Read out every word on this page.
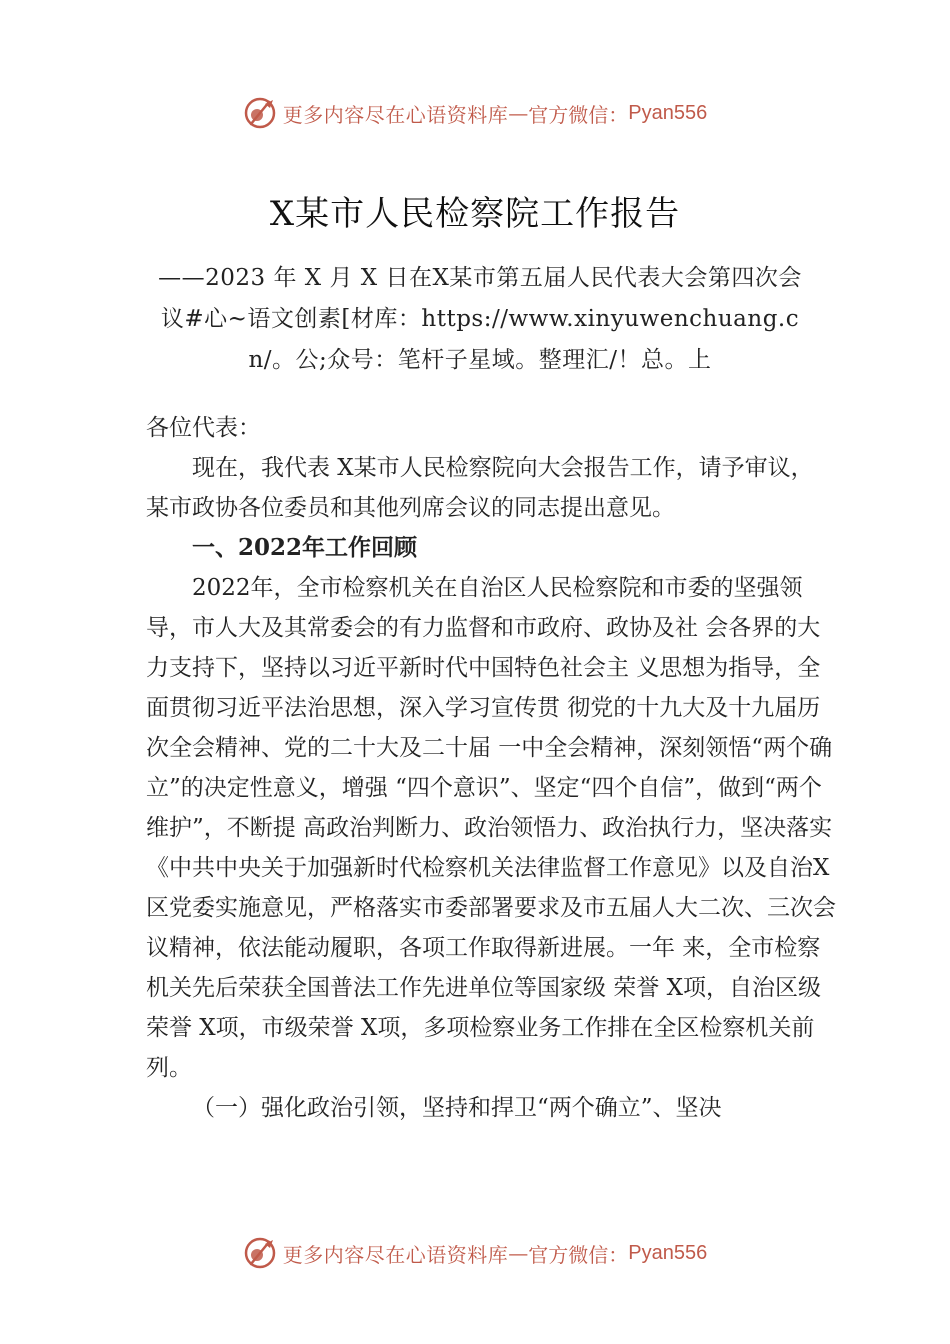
更多内容尽在心语资料库 — 官方微信： Pyan556
X某市人民检察院工作报告
——2023 年 X 月 X 日在X某市第五届人民代表大会第四次会议#心~语文创素[材库：https://www.xinyuwenchuang.cn/。公;众号：笔杆子星域。整理汇/！总。上

各位代表：

现在，我代表 X某市人民检察院向大会报告工作，请予审议，某市政协各位委员和其他列席会议的同志提出意见。

一、2022年工作回顾

2022年，全市检察机关在自治区人民检察院和市委的坚强领导，市人大及其常委会的有力监督和市政府、政协及社 会各界的大力支持下，坚持以习近平新时代中国特色社会主 义思想为指导，全面贯彻习近平法治思想，深入学习宣传贯 彻党的十九大及十九届历次全会精神、党的二十大及二十届 一中全会精神，深刻领悟“两个确立”的决定性意义，增强 “四个意识”、坚定“四个自信”，做到“两个维护”，不断提 高政治判断力、政治领悟力、政治执行力，坚决落实《中共中央关于加强新时代检察机关法律监督工作意见》以及自治X区党委实施意见，严格落实市委部署要求及市五届人大二次、三次会议精神，依法能动履职，各项工作取得新进展。一年 来，全市检察机关先后荣获全国普法工作先进单位等国家级 荣誉 X项，自治区级荣誉 X项，市级荣誉 X项，多项检察业务工作排在全区检察机关前列。

（一）强化政治引领，坚持和捍卫“两个确立”、坚决

更多内容尽在心语资料库 — 官方微信： Pyan556
